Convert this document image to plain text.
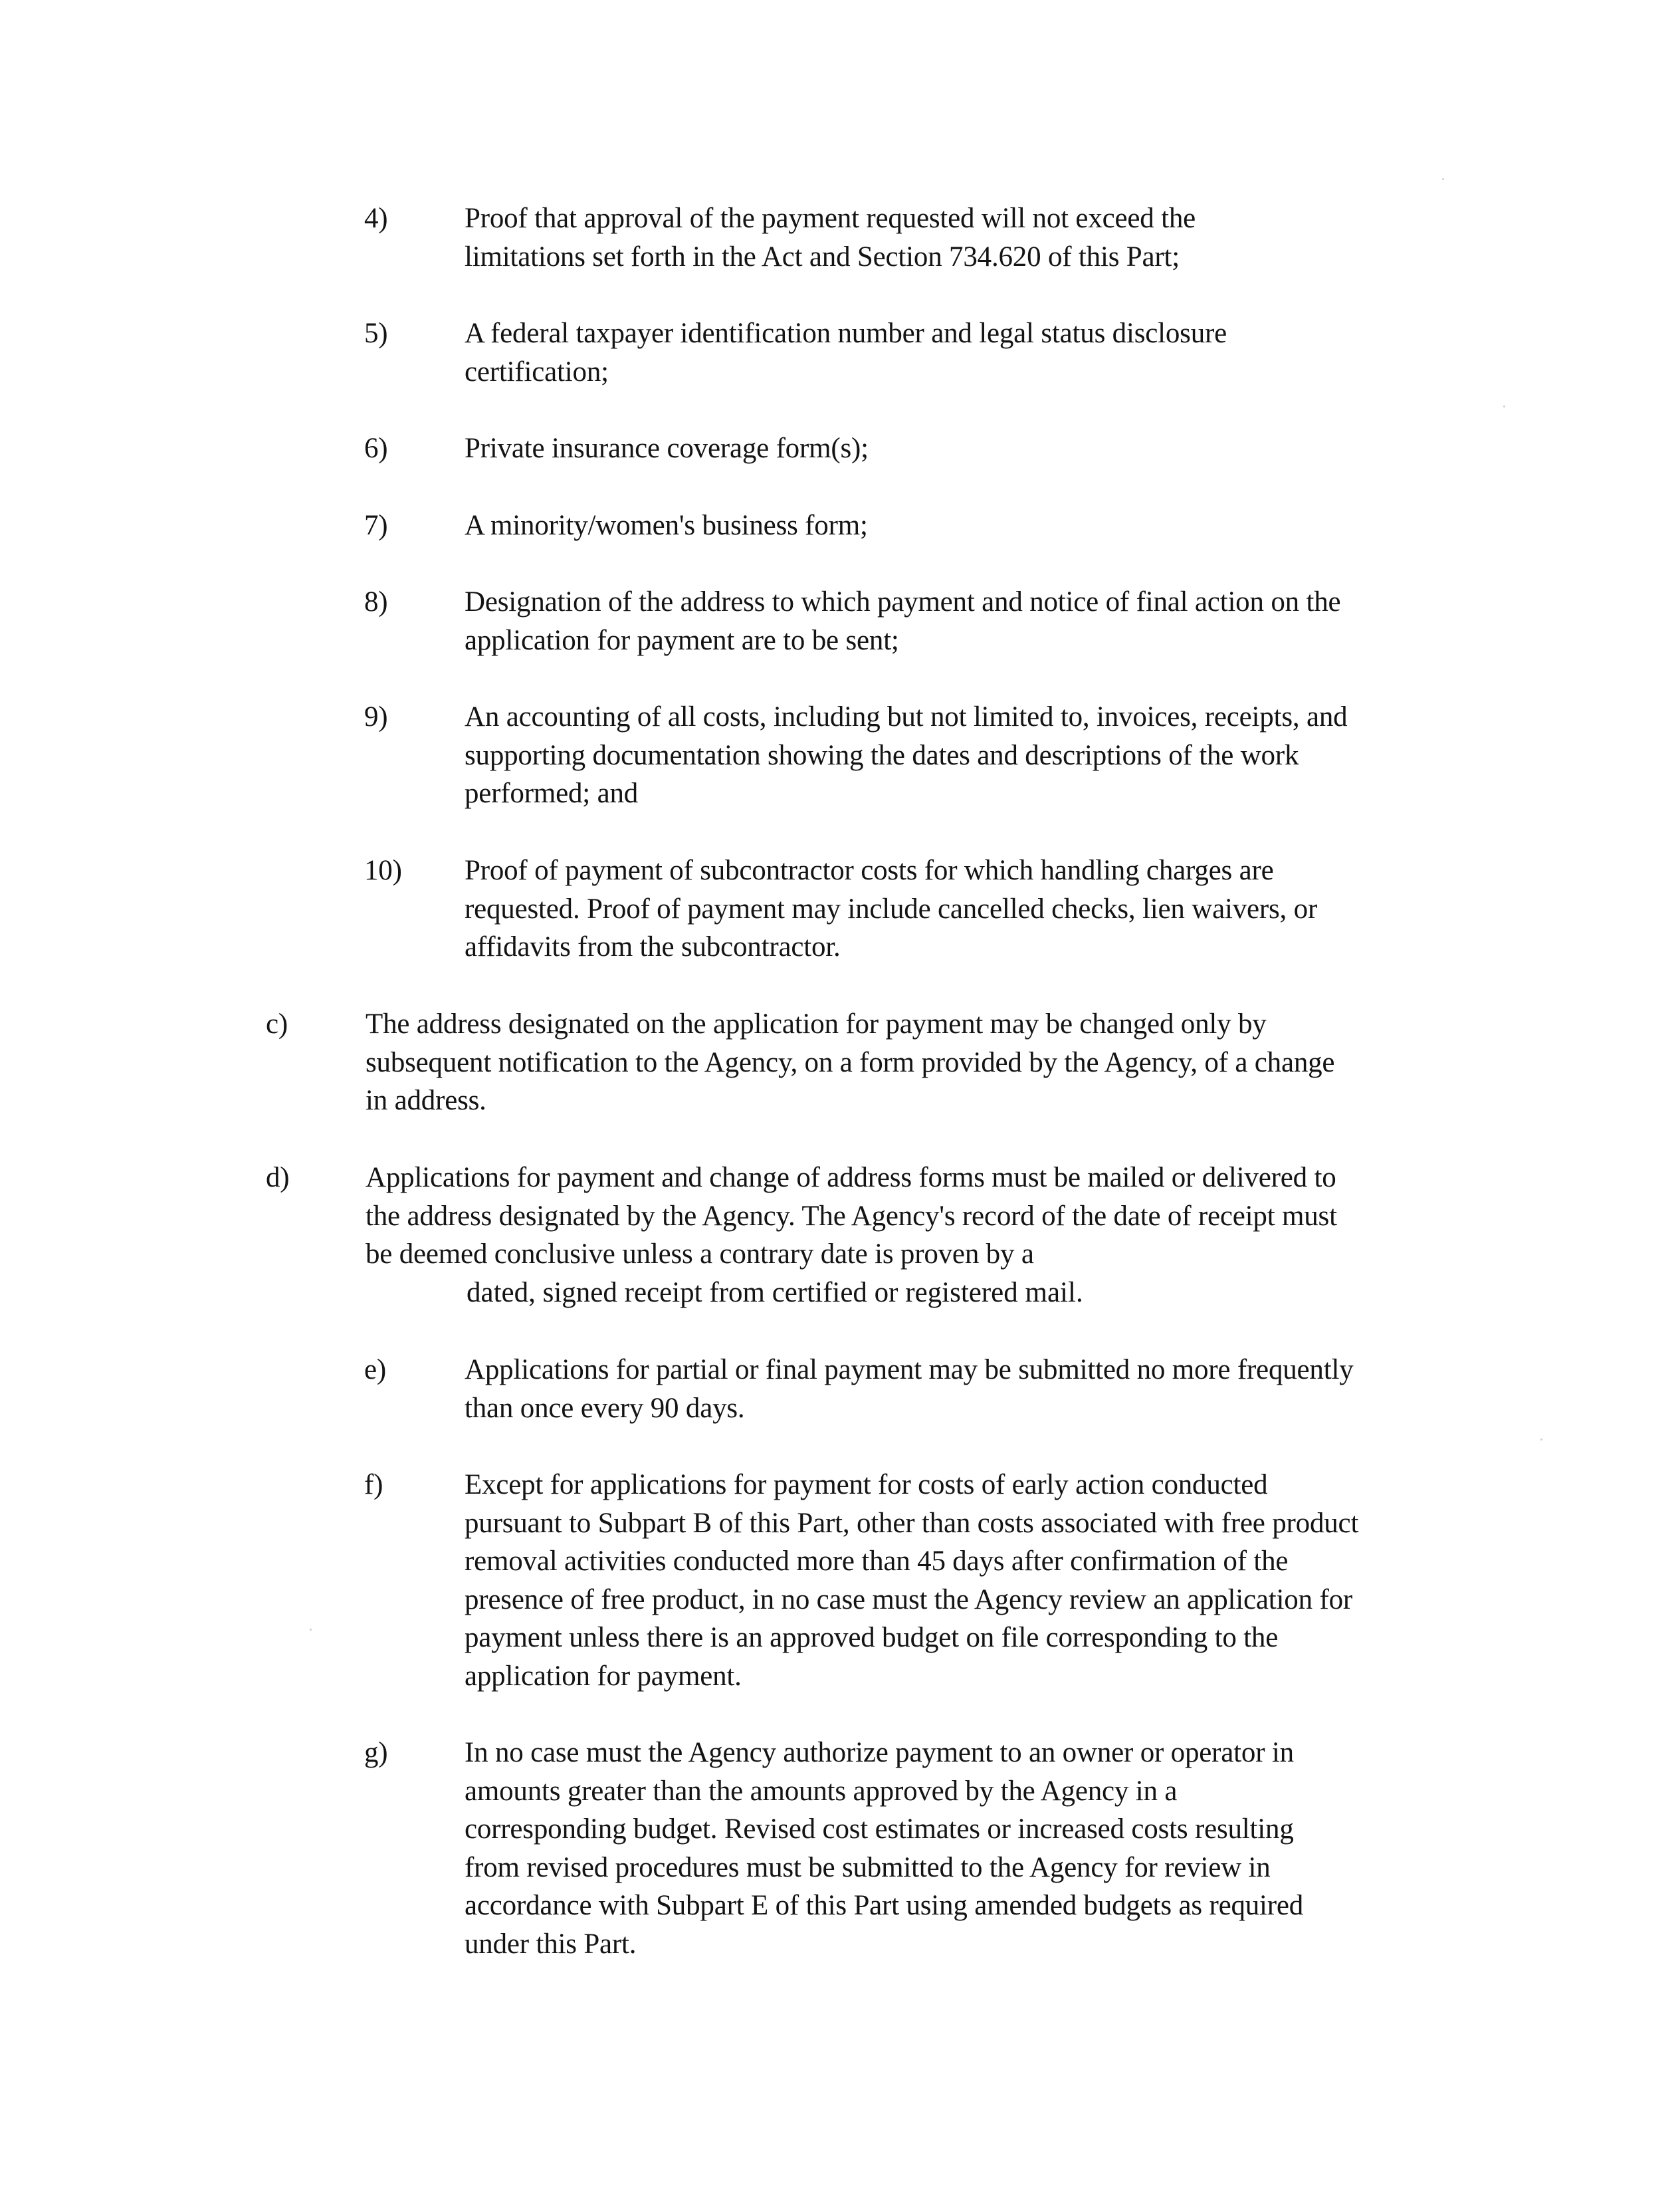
4)	Proof that approval of the payment requested will not exceed the
limitations set forth in the Act and Section 734.620 of this Part;
5)	A federal taxpayer identification number and legal status disclosure
certification;
6)	Private insurance coverage form(s);
7)	A minority/women's business form;
8)	Designation of the address to which payment and notice of final action on the
application for payment are to be sent;
9)	An accounting of all costs, including but not limited to, invoices, receipts, and
supporting documentation showing the dates and descriptions of the work
performed; and
10) Proof of payment of subcontractor costs for which handling charges are
requested. Proof of payment may include cancelled checks, lien waivers, or
affidavits from the subcontractor.
c)	The address designated on the application for payment may be changed only by
subsequent notification to the Agency, on a form provided by the Agency, of a change
in address.
d)	Applications for payment and change of address forms must be mailed or delivered to
the address designated by the Agency. The Agency's record of the date of receipt must
be deemed conclusive unless a contrary date is proven by a
dated, signed receipt from certified or registered mail.
e)	Applications for partial or final payment may be submitted no more frequently
than once every 90 days.
f)	Except for applications for payment for costs of early action conducted
pursuant to Subpart B of this Part, other than costs associated with free product
removal activities conducted more than 45 days after confirmation of the
presence of free product, in no case must the Agency review an application for
payment unless there is an approved budget on file corresponding to the
application for payment.
g)	In no case must the Agency authorize payment to an owner or operator in
amounts greater than the amounts approved by the Agency in a
corresponding budget. Revised cost estimates or increased costs resulting
from revised procedures must be submitted to the Agency for review in
accordance with Subpart E of this Part using amended budgets as required
under this Part.
